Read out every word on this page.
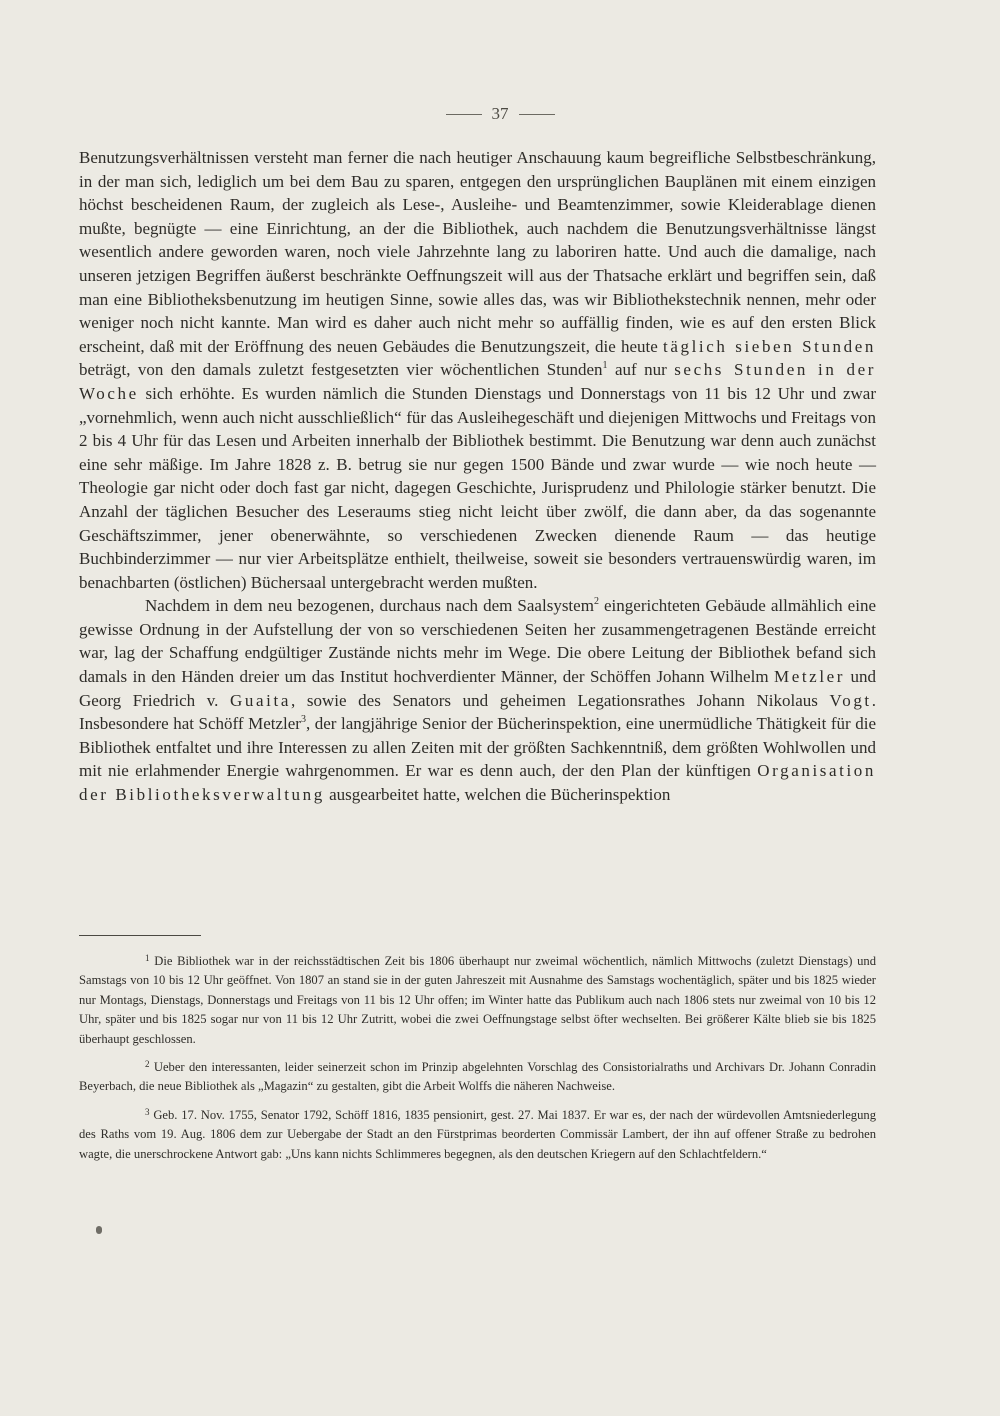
37

Benutzungsverhältnissen versteht man ferner die nach heutiger Anschauung kaum begreifliche Selbstbeschränkung, in der man sich, lediglich um bei dem Bau zu sparen, entgegen den ursprünglichen Bauplänen mit einem einzigen höchst bescheidenen Raum, der zugleich als Lese-, Ausleihe- und Beamtenzimmer, sowie Kleiderablage dienen mußte, begnügte — eine Einrichtung, an der die Bibliothek, auch nachdem die Benutzungsverhältnisse längst wesentlich andere geworden waren, noch viele Jahrzehnte lang zu laboriren hatte. Und auch die damalige, nach unseren jetzigen Begriffen äußerst beschränkte Oeffnungszeit will aus der Thatsache erklärt und begriffen sein, daß man eine Bibliotheksbenutzung im heutigen Sinne, sowie alles das, was wir Bibliothekstechnik nennen, mehr oder weniger noch nicht kannte. Man wird es daher auch nicht mehr so auffällig finden, wie es auf den ersten Blick erscheint, daß mit der Eröffnung des neuen Gebäudes die Benutzungszeit, die heute täglich sieben Stunden beträgt, von den damals zuletzt festgesetzten vier wöchentlichen Stunden$^1$ auf nur sechs Stunden in der Woche sich erhöhte. Es wurden nämlich die Stunden Dienstags und Donnerstags von 11 bis 12 Uhr und zwar „vornehmlich, wenn auch nicht ausschließlich“ für das Ausleihegeschäft und diejenigen Mittwochs und Freitags von 2 bis 4 Uhr für das Lesen und Arbeiten innerhalb der Bibliothek bestimmt. Die Benutzung war denn auch zunächst eine sehr mäßige. Im Jahre 1828 z. B. betrug sie nur gegen 1500 Bände und zwar wurde — wie noch heute — Theologie gar nicht oder doch fast gar nicht, dagegen Geschichte, Jurisprudenz und Philologie stärker benutzt. Die Anzahl der täglichen Besucher des Leseraums stieg nicht leicht über zwölf, die dann aber, da das sogenannte Geschäftszimmer, jener obenerwähnte, so verschiedenen Zwecken dienende Raum — das heutige Buchbinderzimmer — nur vier Arbeitsplätze enthielt, theilweise, soweit sie besonders vertrauenswürdig waren, im benachbarten (östlichen) Büchersaal untergebracht werden mußten.

Nachdem in dem neu bezogenen, durchaus nach dem Saalsystem$^2$ eingerichteten Gebäude allmählich eine gewisse Ordnung in der Aufstellung der von so verschiedenen Seiten her zusammengetragenen Bestände erreicht war, lag der Schaffung endgültiger Zustände nichts mehr im Wege. Die obere Leitung der Bibliothek befand sich damals in den Händen dreier um das Institut hochverdienter Männer, der Schöffen Johann Wilhelm Metzler und Georg Friedrich v. Guaita, sowie des Senators und geheimen Legationsrathes Johann Nikolaus Vogt. Insbesondere hat Schöff Metzler$^3$, der langjährige Senior der Bücherinspektion, eine unermüdliche Thätigkeit für die Bibliothek entfaltet und ihre Interessen zu allen Zeiten mit der größten Sachkenntniß, dem größten Wohlwollen und mit nie erlahmender Energie wahrgenommen. Er war es denn auch, der den Plan der künftigen Organisation der Bibliotheksverwaltung ausgearbeitet hatte, welchen die Bücherinspektion

$^1$ Die Bibliothek war in der reichsstädtischen Zeit bis 1806 überhaupt nur zweimal wöchentlich, nämlich Mittwochs (zuletzt Dienstags) und Samstags von 10 bis 12 Uhr geöffnet. Von 1807 an stand sie in der guten Jahreszeit mit Ausnahme des Samstags wochentäglich, später und bis 1825 wieder nur Montags, Dienstags, Donnerstags und Freitags von 11 bis 12 Uhr offen; im Winter hatte das Publikum auch nach 1806 stets nur zweimal von 10 bis 12 Uhr, später und bis 1825 sogar nur von 11 bis 12 Uhr Zutritt, wobei die zwei Oeffnungstage selbst öfter wechselten. Bei größerer Kälte blieb sie bis 1825 überhaupt geschlossen.

$^2$ Ueber den interessanten, leider seinerzeit schon im Prinzip abgelehnten Vorschlag des Consistorialraths und Archivars Dr. Johann Conradin Beyerbach, die neue Bibliothek als „Magazin“ zu gestalten, gibt die Arbeit Wolffs die näheren Nachweise.

$^3$ Geb. 17. Nov. 1755, Senator 1792, Schöff 1816, 1835 pensionirt, gest. 27. Mai 1837. Er war es, der nach der würdevollen Amtsniederlegung des Raths vom 19. Aug. 1806 dem zur Uebergabe der Stadt an den Fürstprimas beorderten Commissär Lambert, der ihn auf offener Straße zu bedrohen wagte, die unerschrockene Antwort gab: „Uns kann nichts Schlimmeres begegnen, als den deutschen Kriegern auf den Schlachtfeldern.“
